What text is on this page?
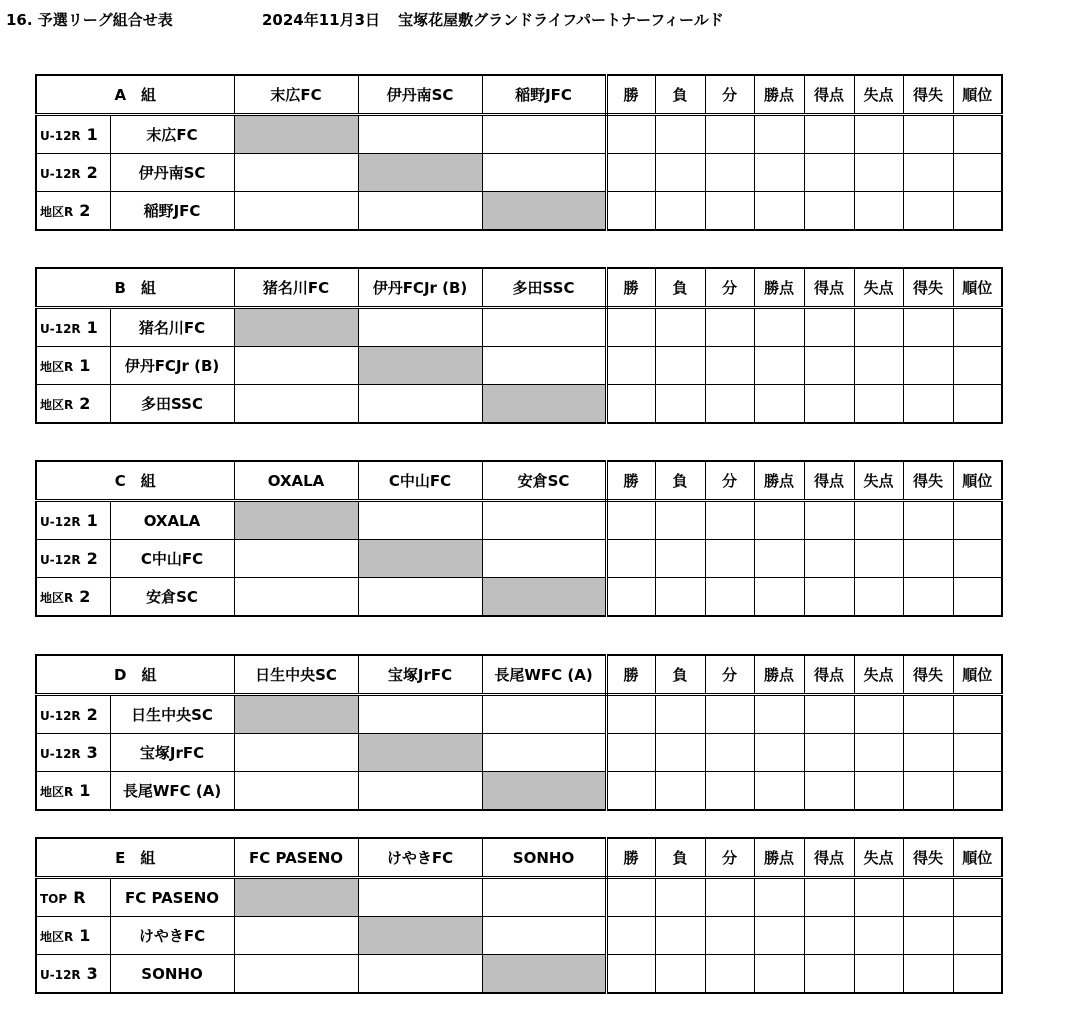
16. 予選リーグ組合せ表	2024年11月3日 宝塚花屋敷グランドライフパートナーフィールド
A　組		末広FC	伊丹南SC	稲野JFC	勝	負	分	勝点	得点	失点	得失	順位
U-12R 1	末広FC											
U-12R 2	伊丹南SC											
地区R 2	稲野JFC											
B　組		猪名川FC	伊丹FCJr (B)	多田SSC	勝	負	分	勝点	得点	失点	得失	順位
U-12R 1	猪名川FC											
地区R 1	伊丹FCJr (B)											
地区R 2	多田SSC											
C　組		OXALA	C中山FC	安倉SC	勝	負	分	勝点	得点	失点	得失	順位
U-12R 1	OXALA											
U-12R 2	C中山FC											
地区R 2	安倉SC											
D　組		日生中央SC	宝塚JrFC	長尾WFC (A)	勝	負	分	勝点	得点	失点	得失	順位
U-12R 2	日生中央SC											
U-12R 3	宝塚JrFC											
地区R 1	長尾WFC (A)											
E　組		FC PASENO	けやきFC	SONHO	勝	負	分	勝点	得点	失点	得失	順位
TOP R	FC PASENO											
地区R 1	けやきFC											
U-12R 3	SONHO											
